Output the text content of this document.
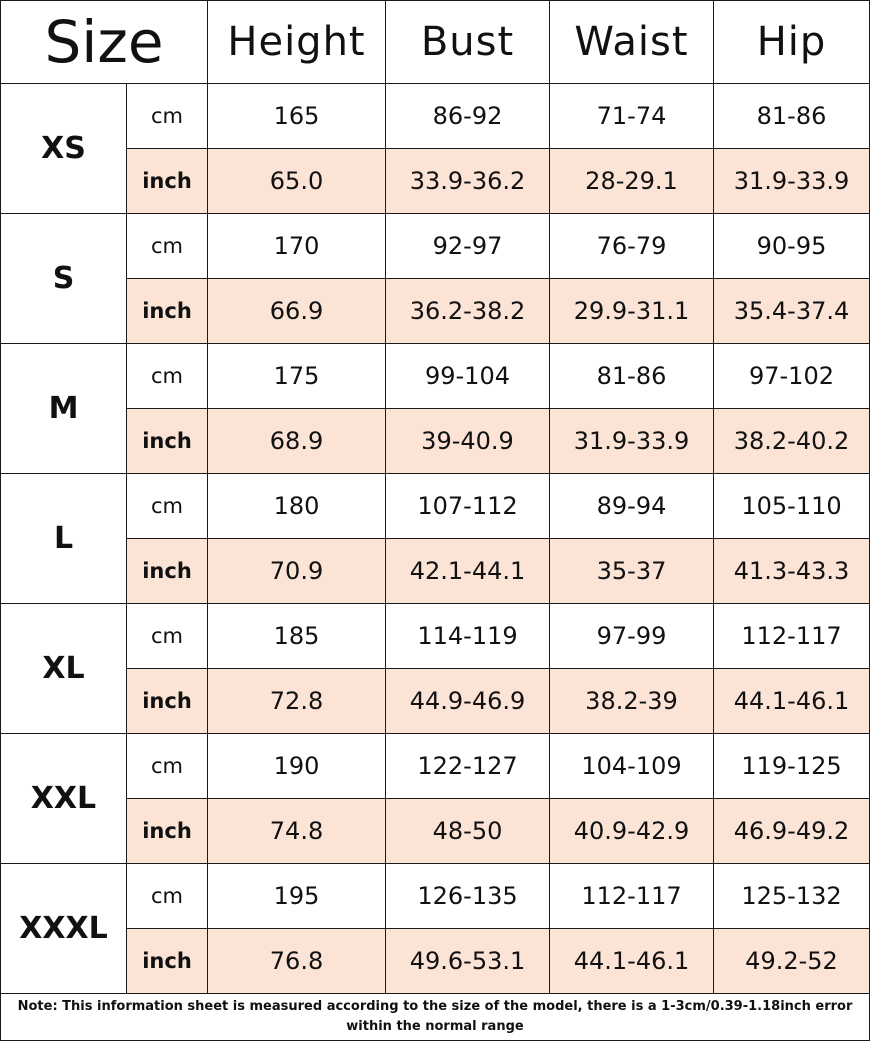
Size		Height	Bust	Waist	Hip
XS	cm	165	86-92	71-74	81-86
	inch	65.0	33.9-36.2	28-29.1	31.9-33.9
S	cm	170	92-97	76-79	90-95
	inch	66.9	36.2-38.2	29.9-31.1	35.4-37.4
M	cm	175	99-104	81-86	97-102
	inch	68.9	39-40.9	31.9-33.9	38.2-40.2
L	cm	180	107-112	89-94	105-110
	inch	70.9	42.1-44.1	35-37	41.3-43.3
XL	cm	185	114-119	97-99	112-117
	inch	72.8	44.9-46.9	38.2-39	44.1-46.1
XXL	cm	190	122-127	104-109	119-125
	inch	74.8	48-50	40.9-42.9	46.9-49.2
XXXL	cm	195	126-135	112-117	125-132
	inch	76.8	49.6-53.1	44.1-46.1	49.2-52
Note: This information sheet is measured according to the size of the model, there is a 1-3cm/0.39-1.18inch error within the normal range					
